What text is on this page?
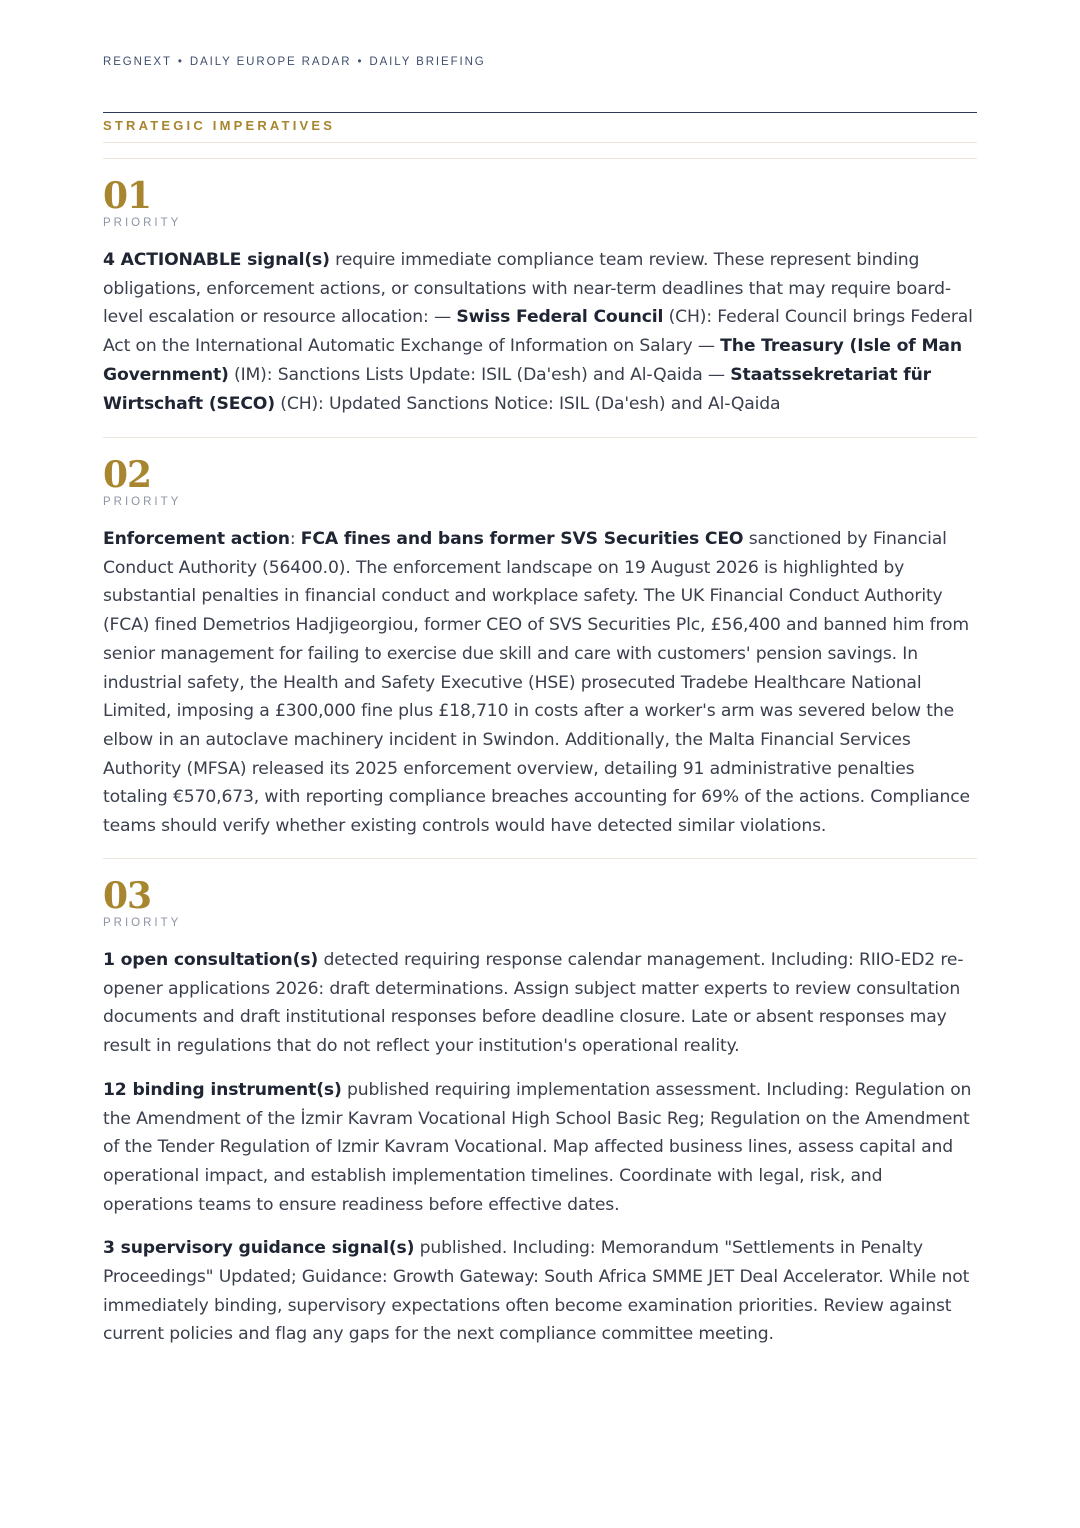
REGNEXT • DAILY EUROPE RADAR • DAILY BRIEFING
STRATEGIC IMPERATIVES
01
PRIORITY

4 ACTIONABLE signal(s) require immediate compliance team review. These represent binding obligations, enforcement actions, or consultations with near-term deadlines that may require board-level escalation or resource allocation: — Swiss Federal Council (CH): Federal Council brings Federal Act on the International Automatic Exchange of Information on Salary — The Treasury (Isle of Man Government) (IM): Sanctions Lists Update: ISIL (Da'esh) and Al-Qaida — Staatssekretariat für Wirtschaft (SECO) (CH): Updated Sanctions Notice: ISIL (Da'esh) and Al-Qaida

02
PRIORITY

Enforcement action: FCA fines and bans former SVS Securities CEO sanctioned by Financial Conduct Authority (56400.0). The enforcement landscape on 19 August 2026 is highlighted by substantial penalties in financial conduct and workplace safety. The UK Financial Conduct Authority (FCA) fined Demetrios Hadjigeorgiou, former CEO of SVS Securities Plc, £56,400 and banned him from senior management for failing to exercise due skill and care with customers' pension savings. In industrial safety, the Health and Safety Executive (HSE) prosecuted Tradebe Healthcare National Limited, imposing a £300,000 fine plus £18,710 in costs after a worker's arm was severed below the elbow in an autoclave machinery incident in Swindon. Additionally, the Malta Financial Services Authority (MFSA) released its 2025 enforcement overview, detailing 91 administrative penalties totaling €570,673, with reporting compliance breaches accounting for 69% of the actions. Compliance teams should verify whether existing controls would have detected similar violations.

03
PRIORITY

1 open consultation(s) detected requiring response calendar management. Including: RIIO-ED2 re-opener applications 2026: draft determinations. Assign subject matter experts to review consultation documents and draft institutional responses before deadline closure. Late or absent responses may result in regulations that do not reflect your institution's operational reality.

12 binding instrument(s) published requiring implementation assessment. Including: Regulation on the Amendment of the İzmir Kavram Vocational High School Basic Reg; Regulation on the Amendment of the Tender Regulation of Izmir Kavram Vocational. Map affected business lines, assess capital and operational impact, and establish implementation timelines. Coordinate with legal, risk, and operations teams to ensure readiness before effective dates.

3 supervisory guidance signal(s) published. Including: Memorandum "Settlements in Penalty Proceedings" Updated; Guidance: Growth Gateway: South Africa SMME JET Deal Accelerator. While not immediately binding, supervisory expectations often become examination priorities. Review against current policies and flag any gaps for the next compliance committee meeting.
